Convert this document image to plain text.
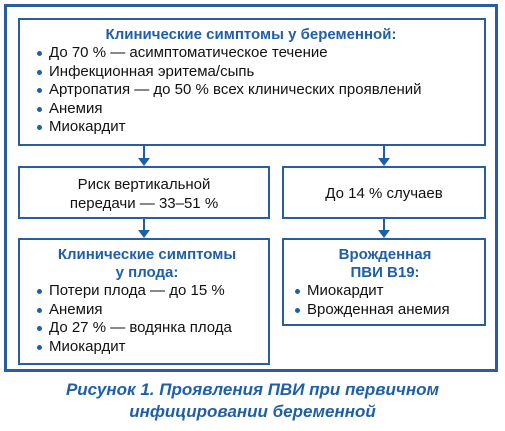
Клинические симптомы у беременной:
До 70 % — асимптоматическое течение
Инфекционная эритема/сыпь
Артропатия — до 50 % всех клинических проявлений
Анемия
Миокардит
Риск вертикальной
передачи — 33–51 %
До 14 % случаев
Клинические симптомы
у плода:
Потери плода — до 15 %
Анемия
До 27 % — водянка плода
Миокардит
Врожденная
ПВИ В19:
Миокардит
Врожденная анемия
Рисунок 1. Проявления ПВИ при первичном
инфицировании беременной
